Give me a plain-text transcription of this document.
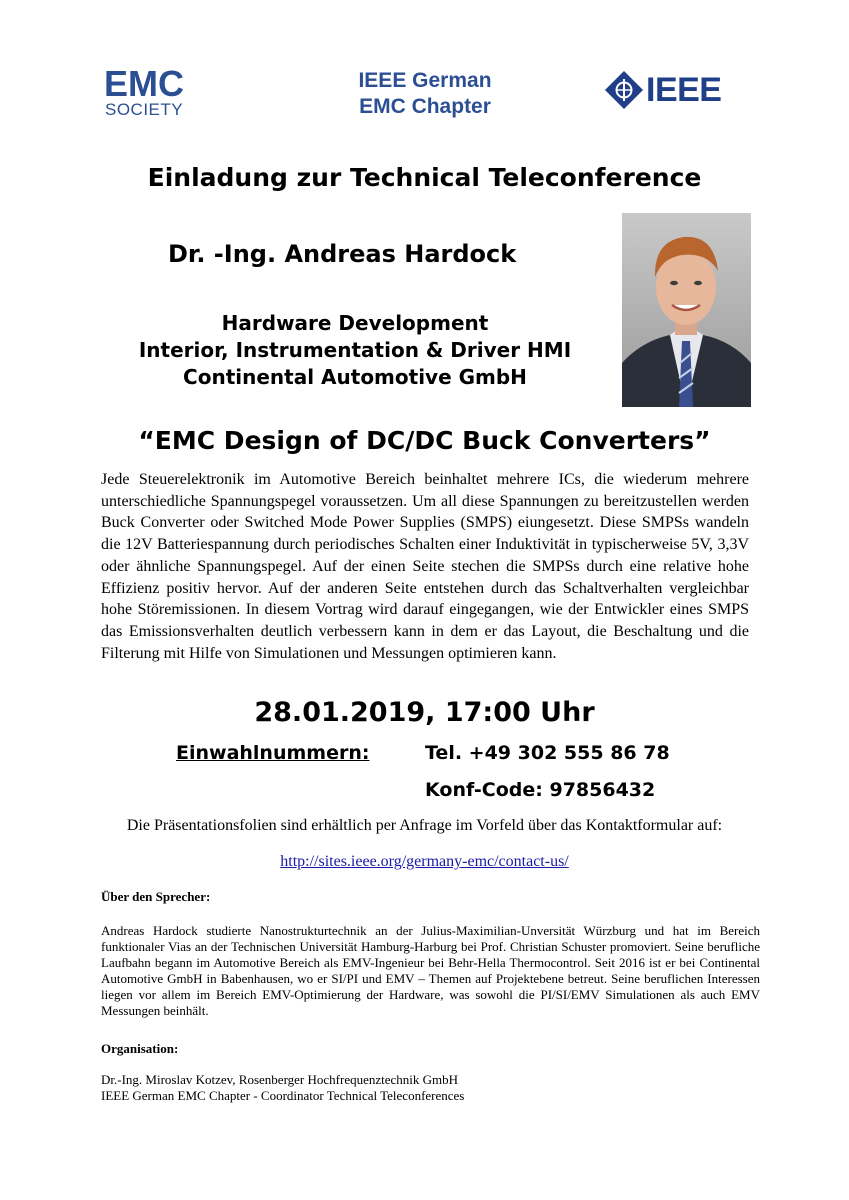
EMC
SOCIETY
IEEE German
EMC Chapter	IEEE
Einladung zur Technical Teleconference
Dr. -Ing. Andreas Hardock
Hardware Development
Interior, Instrumentation & Driver HMI
Continental Automotive GmbH
“EMC Design of DC/DC Buck Converters”

Jede Steuerelektronik im Automotive Bereich beinhaltet mehrere ICs, die wiederum mehrere unterschiedliche Spannungspegel voraussetzen. Um all diese Spannungen zu bereitzustellen werden Buck Converter oder Switched Mode Power Supplies (SMPS) eiungesetzt. Diese SMPSs wandeln die 12V Batteriespannung durch periodisches Schalten einer Induktivität in typischerweise 5V, 3,3V oder ähnliche Spannungspegel. Auf der einen Seite stechen die SMPSs durch eine relative hohe Effizienz positiv hervor. Auf der anderen Seite entstehen durch das Schaltverhalten vergleichbar hohe Störemissionen. In diesem Vortrag wird darauf eingegangen, wie der Entwickler eines SMPS das Emissionsverhalten deutlich verbessern kann in dem er das Layout, die Beschaltung und die Filterung mit Hilfe von Simulationen und Messungen optimieren kann.

28.01.2019, 17:00 Uhr
Einwahlnummern:	Tel. +49 302 555 86 78
Konf-Code: 97856432
Die Präsentationsfolien sind erhältlich per Anfrage im Vorfeld über das Kontaktformular auf:
http://sites.ieee.org/germany-emc/contact-us/
Über den Sprecher:

Andreas Hardock studierte Nanostrukturtechnik an der Julius-Maximilian-Unversität Würzburg und hat im Bereich funktionaler Vias an der Technischen Universität Hamburg-Harburg bei Prof. Christian Schuster promoviert. Seine berufliche Laufbahn begann im Automotive Bereich als EMV-Ingenieur bei Behr-Hella Thermocontrol. Seit 2016 ist er bei Continental Automotive GmbH in Babenhausen, wo er SI/PI und EMV – Themen auf Projektebene betreut. Seine beruflichen Interessen liegen vor allem im Bereich EMV-Optimierung der Hardware, was sowohl die PI/SI/EMV Simulationen als auch EMV Messungen beinhält.

Organisation:
Dr.-Ing. Miroslav Kotzev, Rosenberger Hochfrequenztechnik GmbH
IEEE German EMC Chapter - Coordinator Technical Teleconferences
